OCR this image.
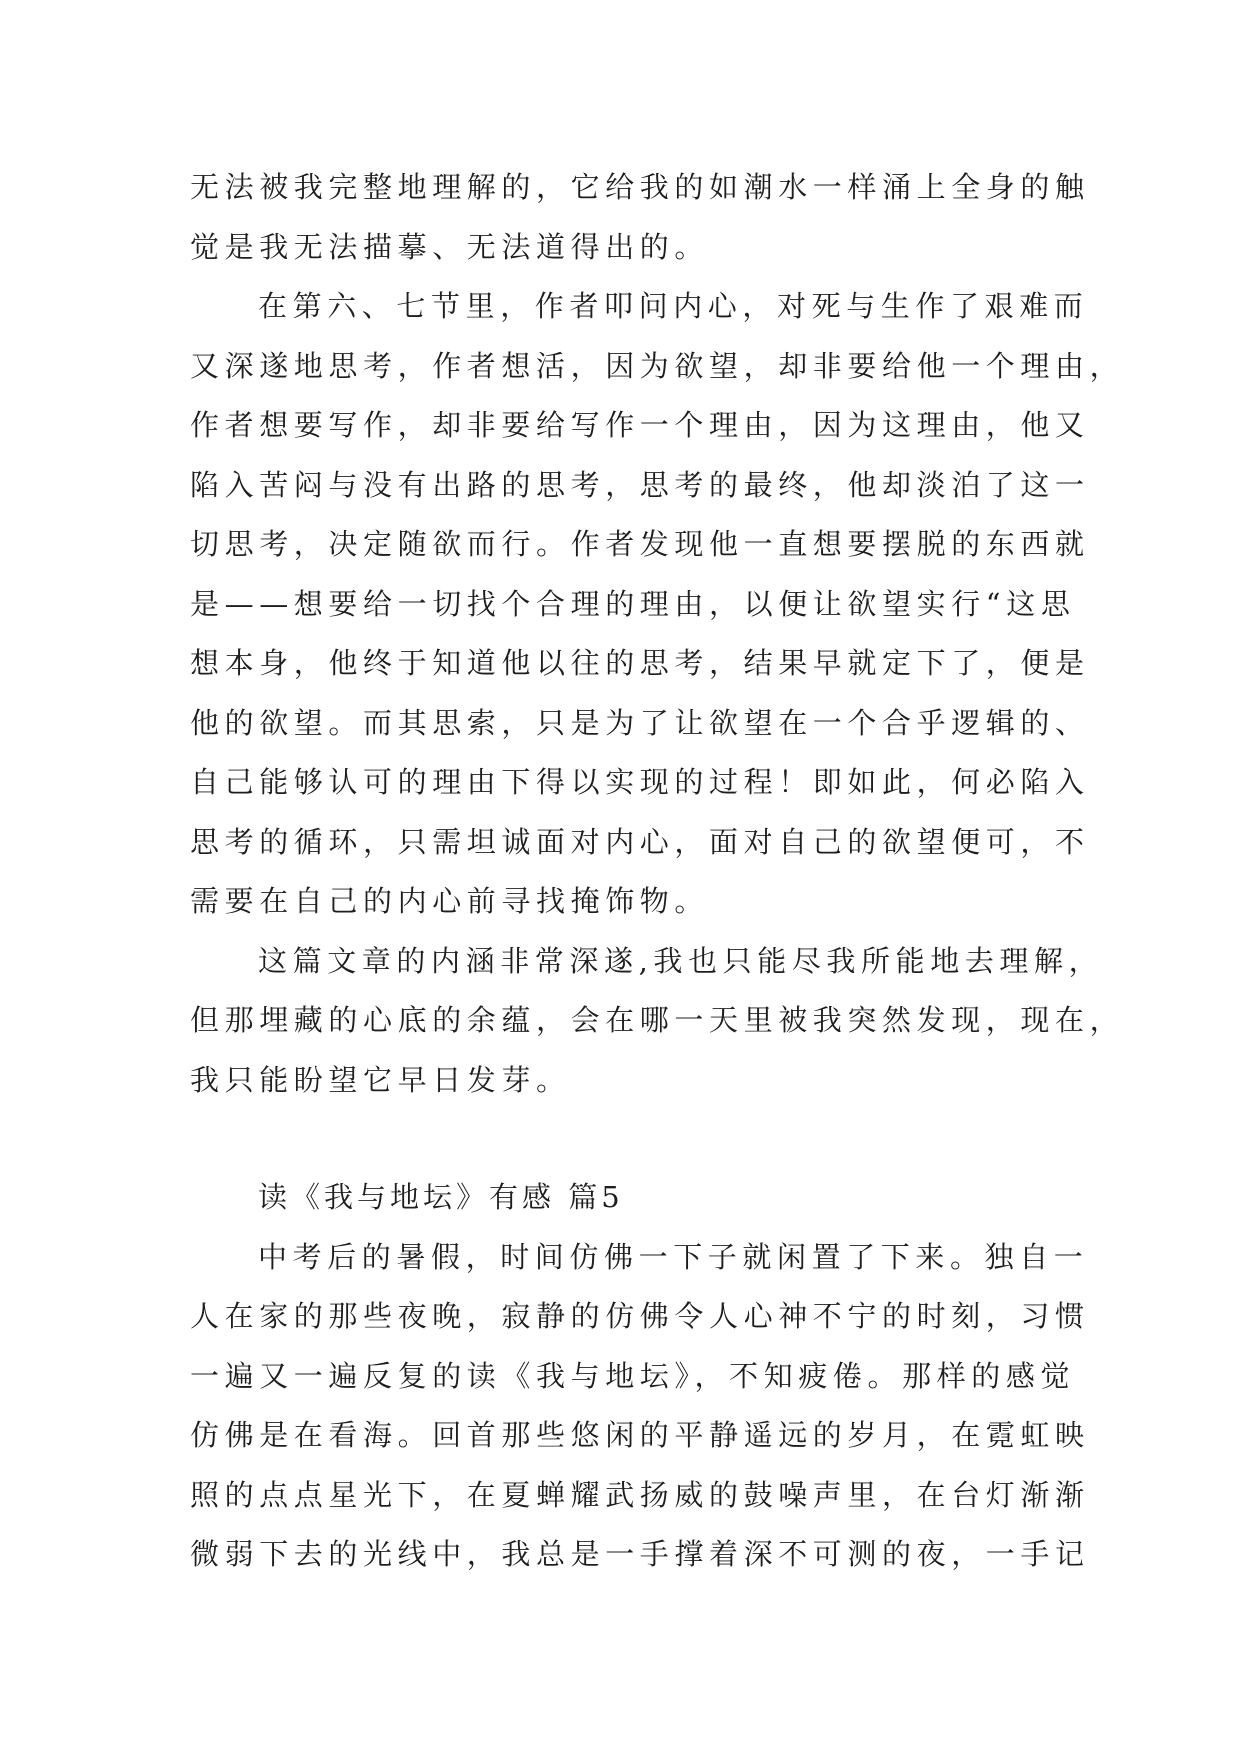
无法被我完整地理解的，它给我的如潮水一样涌上全身的触
觉是我无法描摹、无法道得出的。
在第六、七节里，作者叩问内心，对死与生作了艰难而
又深遂地思考，作者想活，因为欲望，却非要给他一个理由，
作者想要写作，却非要给写作一个理由，因为这理由，他又
陷入苦闷与没有出路的思考，思考的最终，他却淡泊了这一
切思考，决定随欲而行。作者发现他一直想要摆脱的东西就
是——想要给一切找个合理的理由，以便让欲望实行“这思
想本身，他终于知道他以往的思考，结果早就定下了，便是
他的欲望。而其思索，只是为了让欲望在一个合乎逻辑的、
自己能够认可的理由下得以实现的过程！即如此，何必陷入
思考的循环，只需坦诚面对内心，面对自己的欲望便可，不
需要在自己的内心前寻找掩饰物。
这篇文章的内涵非常深遂,我也只能尽我所能地去理解，
但那埋藏的心底的余蕴，会在哪一天里被我突然发现，现在，
我只能盼望它早日发芽。
读《我与地坛》有感 篇5
中考后的暑假，时间仿佛一下子就闲置了下来。独自一
人在家的那些夜晚，寂静的仿佛令人心神不宁的时刻，习惯
一遍又一遍反复的读《我与地坛》，不知疲倦。那样的感觉
仿佛是在看海。回首那些悠闲的平静遥远的岁月，在霓虹映
照的点点星光下，在夏蝉耀武扬威的鼓噪声里，在台灯渐渐
微弱下去的光线中，我总是一手撑着深不可测的夜，一手记
